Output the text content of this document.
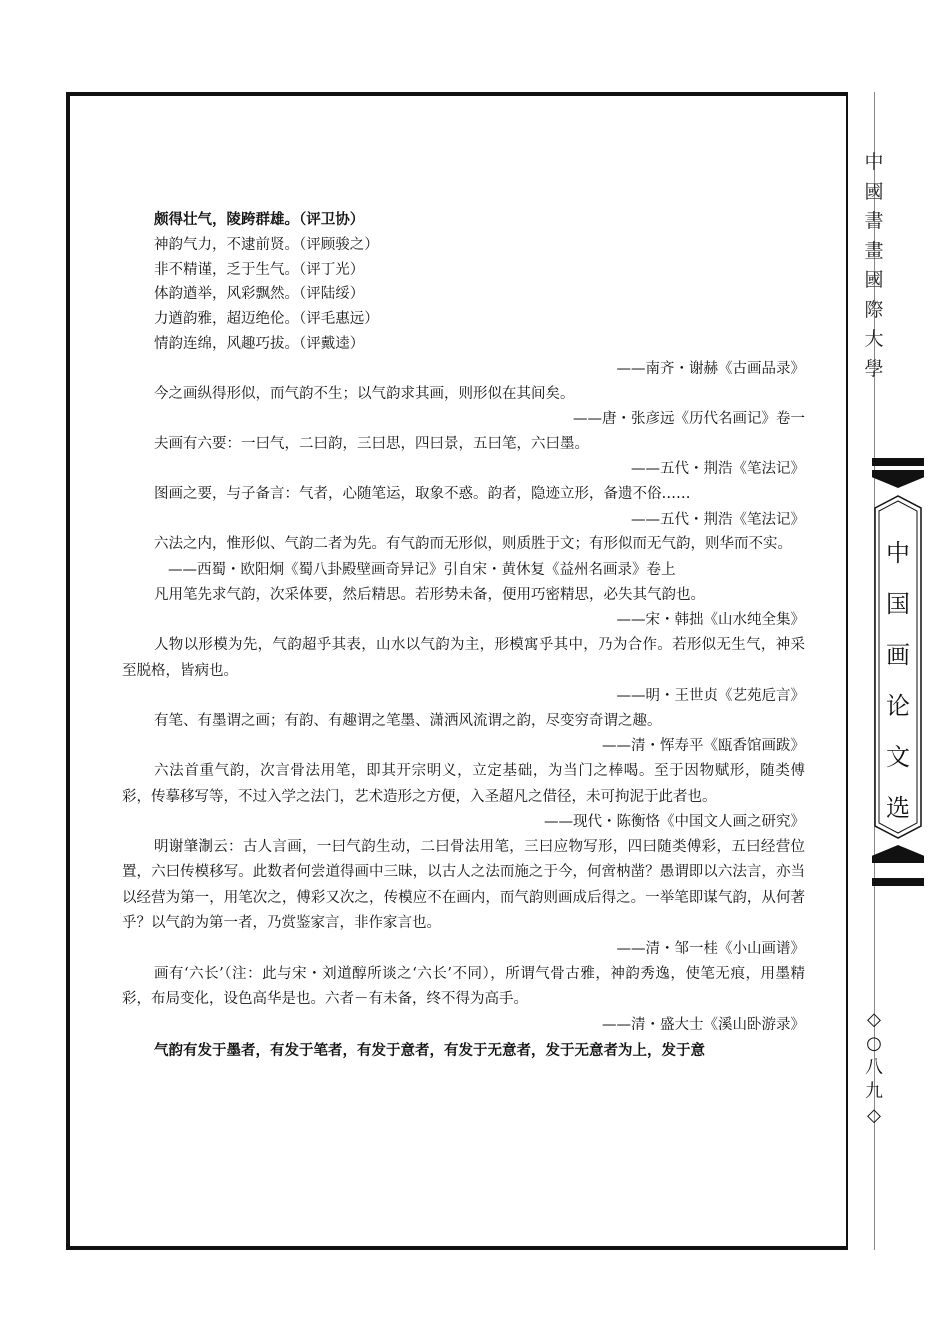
中
國
書
畫
國
際
大
學
中
国
画
论
文
选
◇
○
八
九
◇
颇得壮气，陵跨群雄。（评卫协）
神韵气力，不逮前贤。（评顾骏之）
非不精谨，乏于生气。（评丁光）
体韵遒举，风彩飘然。（评陆绥）
力遒韵雅，超迈绝伦。（评毛惠远）
情韵连绵，风趣巧拔。（评戴逵）
——南齐・谢赫《古画品录》

今之画纵得形似，而气韵不生；以气韵求其画，则形似在其间矣。

——唐・张彦远《历代名画记》卷一

夫画有六要：一曰气，二曰韵，三曰思，四曰景，五曰笔，六曰墨。

——五代・荆浩《笔法记》

图画之要，与子备言：气者，心随笔运，取象不惑。韵者，隐迹立形，备遗不俗……

——五代・荆浩《笔法记》

六法之内，惟形似、气韵二者为先。有气韵而无形似，则质胜于文；有形似而无气韵，则华而不实。

——西蜀・欧阳炯《蜀八卦殿壁画奇异记》引自宋・黄休复《益州名画录》卷上

凡用笔先求气韵，次采体要，然后精思。若形势未备，便用巧密精思，必失其气韵也。

——宋・韩拙《山水纯全集》

人物以形模为先，气韵超乎其表，山水以气韵为主，形模寓乎其中，乃为合作。若形似无生气，神采至脱格，皆病也。

——明・王世贞《艺苑卮言》

有笔、有墨谓之画；有韵、有趣谓之笔墨、潇洒风流谓之韵，尽变穷奇谓之趣。

——清・恽寿平《瓯香馆画跋》

六法首重气韵，次言骨法用笔，即其开宗明义，立定基础，为当门之棒喝。至于因物赋形，随类傅彩，传摹移写等，不过入学之法门，艺术造形之方便，入圣超凡之借径，未可拘泥于此者也。

——现代・陈衡恪《中国文人画之研究》

明谢肇淛云：古人言画，一曰气韵生动，二曰骨法用笔，三曰应物写形，四曰随类傅彩，五曰经营位置，六曰传模移写。此数者何尝道得画中三昧，以古人之法而施之于今，何啻枘凿？愚谓即以六法言，亦当以经营为第一，用笔次之，傅彩又次之，传模应不在画内，而气韵则画成后得之。一举笔即谋气韵，从何著乎？以气韵为第一者，乃赏鉴家言，非作家言也。

——清・邹一桂《小山画谱》

画有‘六长’（注：此与宋・刘道醇所谈之‘六长’不同），所谓气骨古雅，神韵秀逸，使笔无痕，用墨精彩，布局变化，设色高华是也。六者－有未备，终不得为高手。

——清・盛大士《溪山卧游录》

气韵有发于墨者，有发于笔者，有发于意者，有发于无意者，发于无意者为上，发于意
